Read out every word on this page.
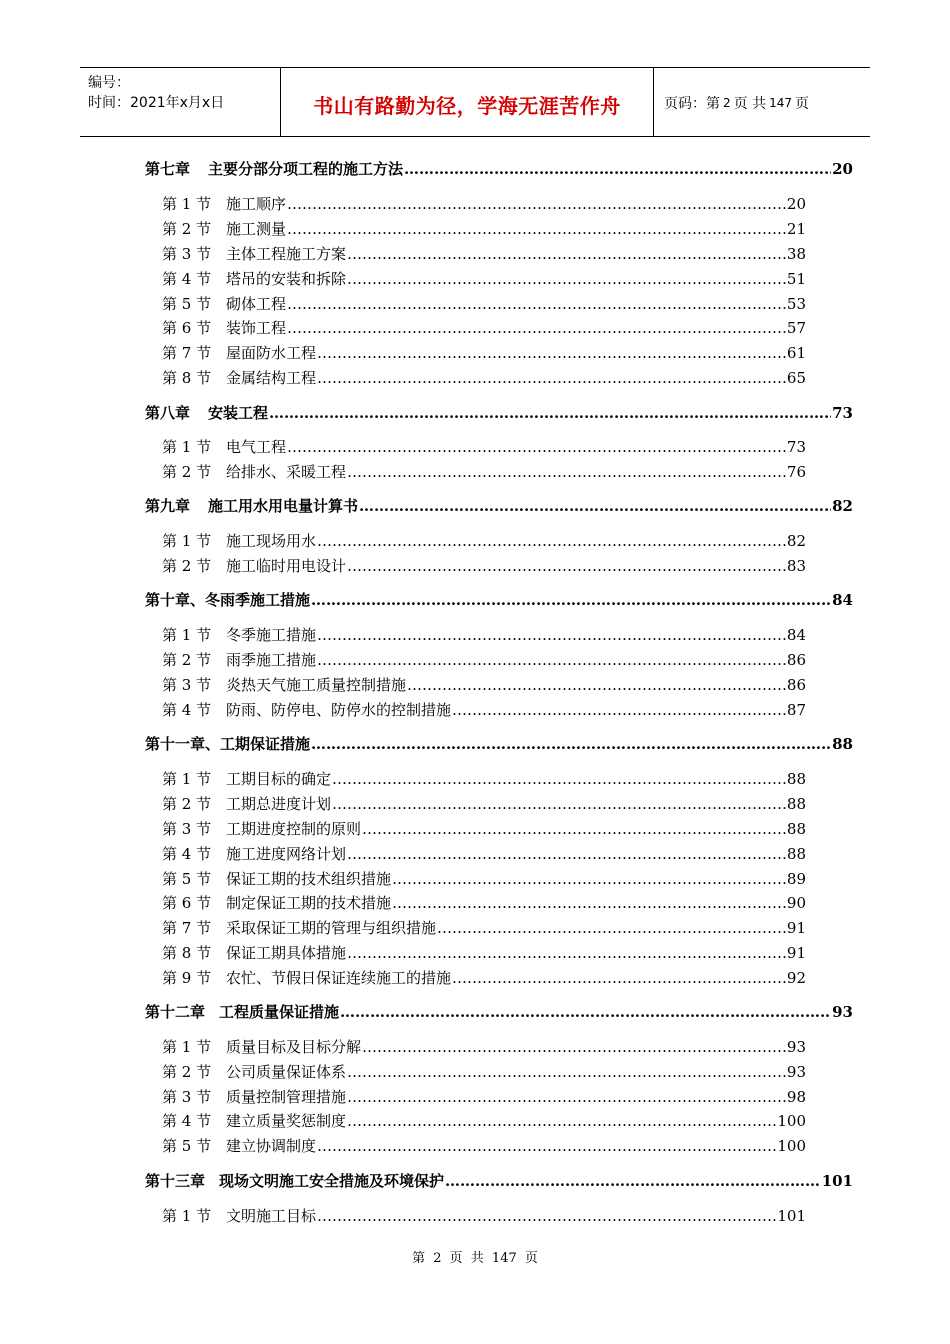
编号：
时间：2021年x月x日	书山有路勤为径，学海无涯苦作舟	页码：第 2 页 共 147 页
第七章 主要分部分项工程的施工方法 ……………………………………………………………………………………………………………………………………………………………………………………………………………………………………………………………………………………	20
第 1 节 施工顺序 ……………………………………………………………………………………………………………………………………………………………………………………………………………………………………………………………………………………	20
第 2 节 施工测量 ……………………………………………………………………………………………………………………………………………………………………………………………………………………………………………………………………………………	21
第 3 节 主体工程施工方案 ……………………………………………………………………………………………………………………………………………………………………………………………………………………………………………………………………………………	38
第 4 节 塔吊的安装和拆除 ……………………………………………………………………………………………………………………………………………………………………………………………………………………………………………………………………………………	51
第 5 节 砌体工程 ……………………………………………………………………………………………………………………………………………………………………………………………………………………………………………………………………………………	53
第 6 节 装饰工程 ……………………………………………………………………………………………………………………………………………………………………………………………………………………………………………………………………………………	57
第 7 节 屋面防水工程 ……………………………………………………………………………………………………………………………………………………………………………………………………………………………………………………………………………………	61
第 8 节 金属结构工程 ……………………………………………………………………………………………………………………………………………………………………………………………………………………………………………………………………………………	65
第八章 安装工程 ……………………………………………………………………………………………………………………………………………………………………………………………………………………………………………………………………………………	73
第 1 节 电气工程 ……………………………………………………………………………………………………………………………………………………………………………………………………………………………………………………………………………………	73
第 2 节 给排水、采暖工程 ……………………………………………………………………………………………………………………………………………………………………………………………………………………………………………………………………………………	76
第九章 施工用水用电量计算书 ……………………………………………………………………………………………………………………………………………………………………………………………………………………………………………………………………………………	82
第 1 节 施工现场用水 ……………………………………………………………………………………………………………………………………………………………………………………………………………………………………………………………………………………	82
第 2 节 施工临时用电设计 ……………………………………………………………………………………………………………………………………………………………………………………………………………………………………………………………………………………	83
第十章、 冬雨季施工措施 ……………………………………………………………………………………………………………………………………………………………………………………………………………………………………………………………………………………	84
第 1 节 冬季施工措施 ……………………………………………………………………………………………………………………………………………………………………………………………………………………………………………………………………………………	84
第 2 节 雨季施工措施 ……………………………………………………………………………………………………………………………………………………………………………………………………………………………………………………………………………………	86
第 3 节 炎热天气施工质量控制措施 ……………………………………………………………………………………………………………………………………………………………………………………………………………………………………………………………………………………	86
第 4 节 防雨、防停电、防停水的控制措施 ……………………………………………………………………………………………………………………………………………………………………………………………………………………………………………………………………………………	87
第十一章、 工期保证措施 ……………………………………………………………………………………………………………………………………………………………………………………………………………………………………………………………………………………	88
第 1 节 工期目标的确定 ……………………………………………………………………………………………………………………………………………………………………………………………………………………………………………………………………………………	88
第 2 节 工期总进度计划 ……………………………………………………………………………………………………………………………………………………………………………………………………………………………………………………………………………………	88
第 3 节 工期进度控制的原则 ……………………………………………………………………………………………………………………………………………………………………………………………………………………………………………………………………………………	88
第 4 节 施工进度网络计划 ……………………………………………………………………………………………………………………………………………………………………………………………………………………………………………………………………………………	88
第 5 节 保证工期的技术组织措施 ……………………………………………………………………………………………………………………………………………………………………………………………………………………………………………………………………………………	89
第 6 节 制定保证工期的技术措施 ……………………………………………………………………………………………………………………………………………………………………………………………………………………………………………………………………………………	90
第 7 节 采取保证工期的管理与组织措施 ……………………………………………………………………………………………………………………………………………………………………………………………………………………………………………………………………………………	91
第 8 节 保证工期具体措施 ……………………………………………………………………………………………………………………………………………………………………………………………………………………………………………………………………………………	91
第 9 节 农忙、节假日保证连续施工的措施 ……………………………………………………………………………………………………………………………………………………………………………………………………………………………………………………………………………………	92
第十二章 工程质量保证措施 ……………………………………………………………………………………………………………………………………………………………………………………………………………………………………………………………………………………	93
第 1 节 质量目标及目标分解 ……………………………………………………………………………………………………………………………………………………………………………………………………………………………………………………………………………………	93
第 2 节 公司质量保证体系 ……………………………………………………………………………………………………………………………………………………………………………………………………………………………………………………………………………………	93
第 3 节 质量控制管理措施 ……………………………………………………………………………………………………………………………………………………………………………………………………………………………………………………………………………………	98
第 4 节 建立质量奖惩制度 ……………………………………………………………………………………………………………………………………………………………………………………………………………………………………………………………………………………	100
第 5 节 建立协调制度 ……………………………………………………………………………………………………………………………………………………………………………………………………………………………………………………………………………………	100
第十三章 现场文明施工安全措施及环境保护 ……………………………………………………………………………………………………………………………………………………………………………………………………………………………………………………………………………………	101
第 1 节 文明施工目标 ……………………………………………………………………………………………………………………………………………………………………………………………………………………………………………………………………………………	101
第 2 页 共 147 页
